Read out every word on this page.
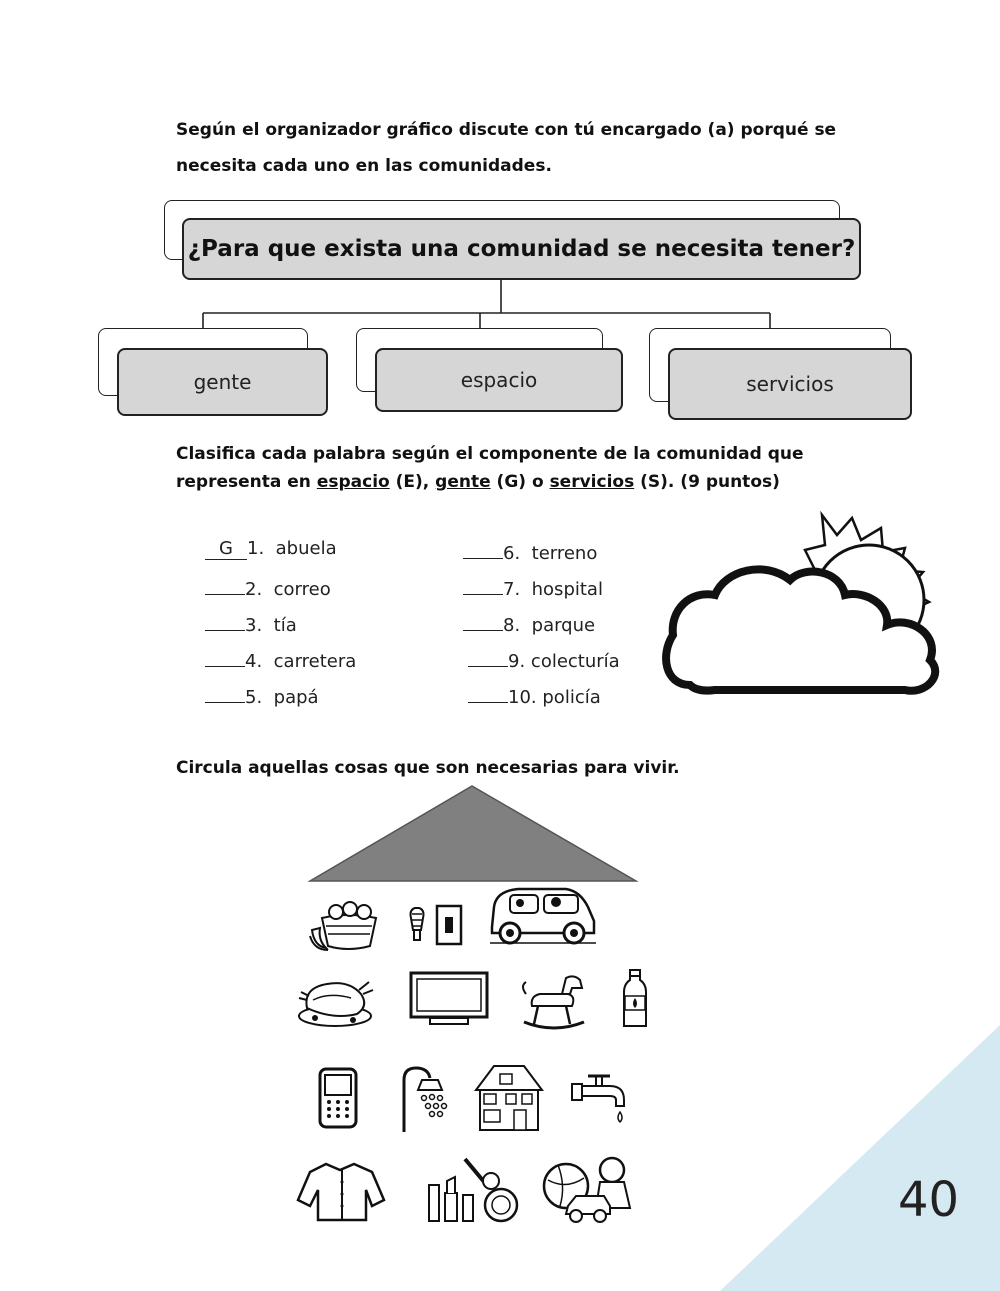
Según el organizador gráfico discute con tú encargado (a) porqué se
necesita cada uno en las comunidades.
¿Para que exista una comunidad se necesita tener?
gente	espacio	servicios
Clasifica cada palabra según el componente de la comunidad que
representa en espacio (E), gente (G) o servicios (S). (9 puntos)
G 1. abuela
2. correo
3. tía
4. carretera
5. papá
6. terreno
7. hospital
8. parque
9. colecturía
10. policía
Circula aquellas cosas que son necesarias para vivir.
40
